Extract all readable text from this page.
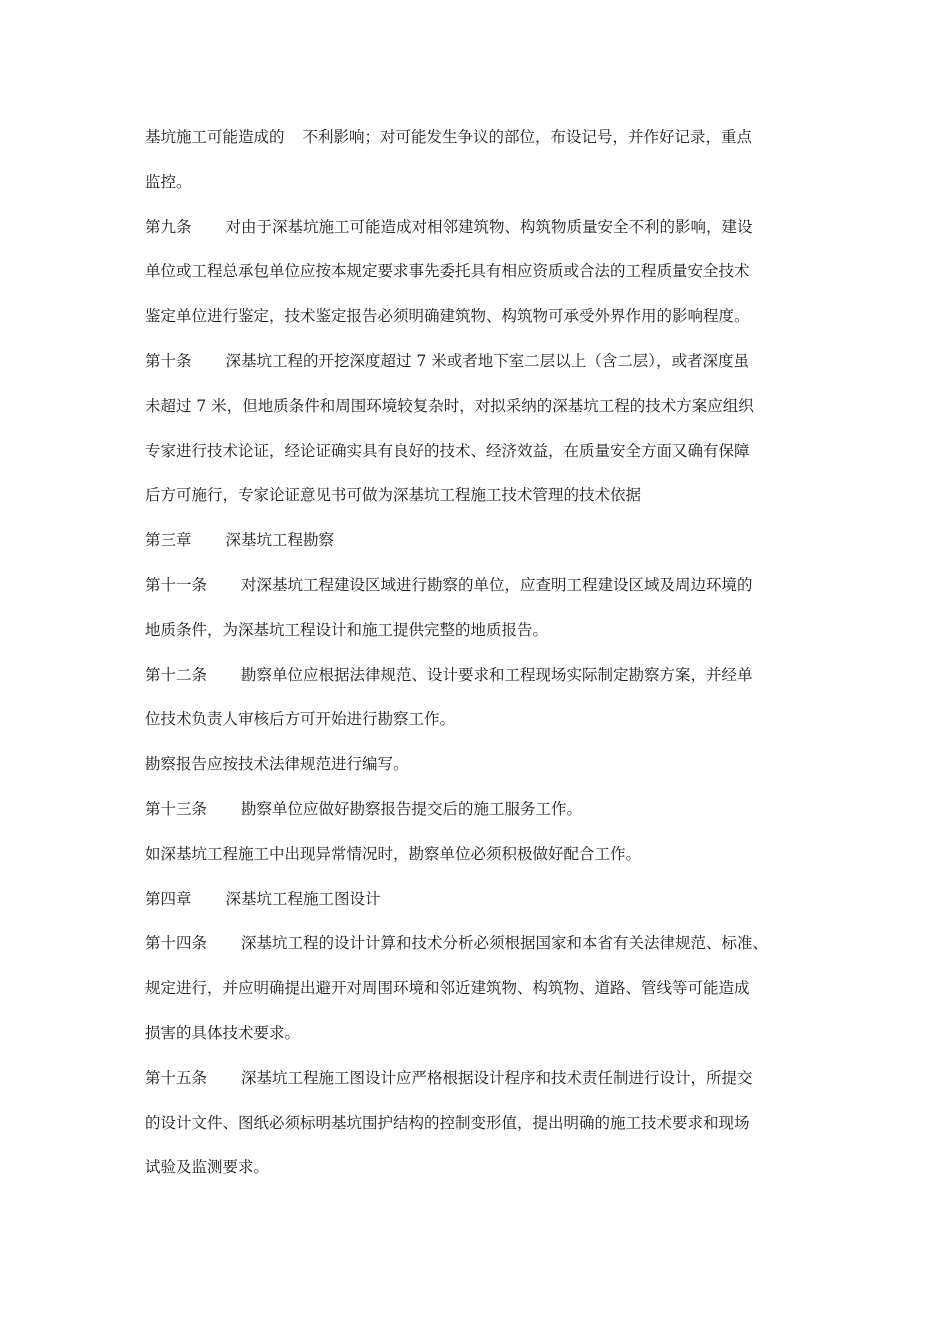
基坑施工可能造成的 不利影响；对可能发生争议的部位，布设记号，并作好记录，重点
监控。
第九条 对由于深基坑施工可能造成对相邻建筑物、构筑物质量安全不利的影响，建设
单位或工程总承包单位应按本规定要求事先委托具有相应资质或合法的工程质量安全技术
鉴定单位进行鉴定，技术鉴定报告必须明确建筑物、构筑物可承受外界作用的影响程度。
第十条 深基坑工程的开挖深度超过 7 米或者地下室二层以上（含二层），或者深度虽
未超过 7 米，但地质条件和周围环境较复杂时，对拟采纳的深基坑工程的技术方案应组织
专家进行技术论证，经论证确实具有良好的技术、经济效益，在质量安全方面又确有保障
后方可施行，专家论证意见书可做为深基坑工程施工技术管理的技术依据
第三章 深基坑工程勘察
第十一条 对深基坑工程建设区域进行勘察的单位，应查明工程建设区域及周边环境的
地质条件，为深基坑工程设计和施工提供完整的地质报告。
第十二条 勘察单位应根据法律规范、设计要求和工程现场实际制定勘察方案，并经单
位技术负责人审核后方可开始进行勘察工作。
勘察报告应按技术法律规范进行编写。
第十三条 勘察单位应做好勘察报告提交后的施工服务工作。
如深基坑工程施工中出现异常情况时，勘察单位必须积极做好配合工作。
第四章 深基坑工程施工图设计
第十四条 深基坑工程的设计计算和技术分析必须根据国家和本省有关法律规范、标准、
规定进行，并应明确提出避开对周围环境和邻近建筑物、构筑物、道路、管线等可能造成
损害的具体技术要求。
第十五条 深基坑工程施工图设计应严格根据设计程序和技术责任制进行设计，所提交
的设计文件、图纸必须标明基坑围护结构的控制变形值，提出明确的施工技术要求和现场
试验及监测要求。
